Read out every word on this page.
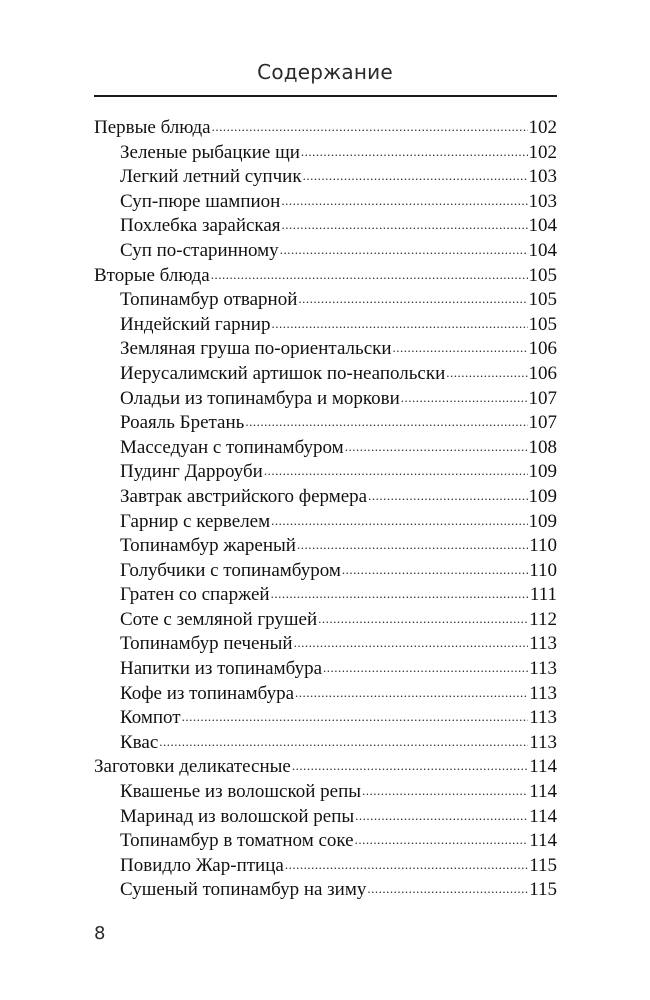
Содержание
Первые блюда .....	102
Зеленые рыбацкие щи .....	102
Легкий летний супчик .....	103
Суп-пюре шампион .....	103
Похлебка зарайская .....	104
Суп по-старинному .....	104
Вторые блюда .....	105
Топинамбур отварной .....	105
Индейский гарнир .....	105
Земляная груша по-ориентальски .....	106
Иерусалимский артишок по-неапольски .....	106
Оладьи из топинамбура и моркови .....	107
Роаяль Бретань .....	107
Масседуан с топинамбуром .....	108
Пудинг Дарроуби .....	109
Завтрак австрийского фермера .....	109
Гарнир с кервелем .....	109
Топинамбур жареный .....	110
Голубчики с топинамбуром .....	110
Гратен со спаржей .....	111
Соте с земляной грушей .....	112
Топинамбур печеный .....	113
Напитки из топинамбура .....	113
Кофе из топинамбура .....	113
Компот .....	113
Квас .....	113
Заготовки деликатесные .....	114
Квашенье из волошской репы .....	114
Маринад из волошской репы .....	114
Топинамбур в томатном соке .....	114
Повидло Жар-птица .....	115
Сушеный топинамбур на зиму .....	115
8
